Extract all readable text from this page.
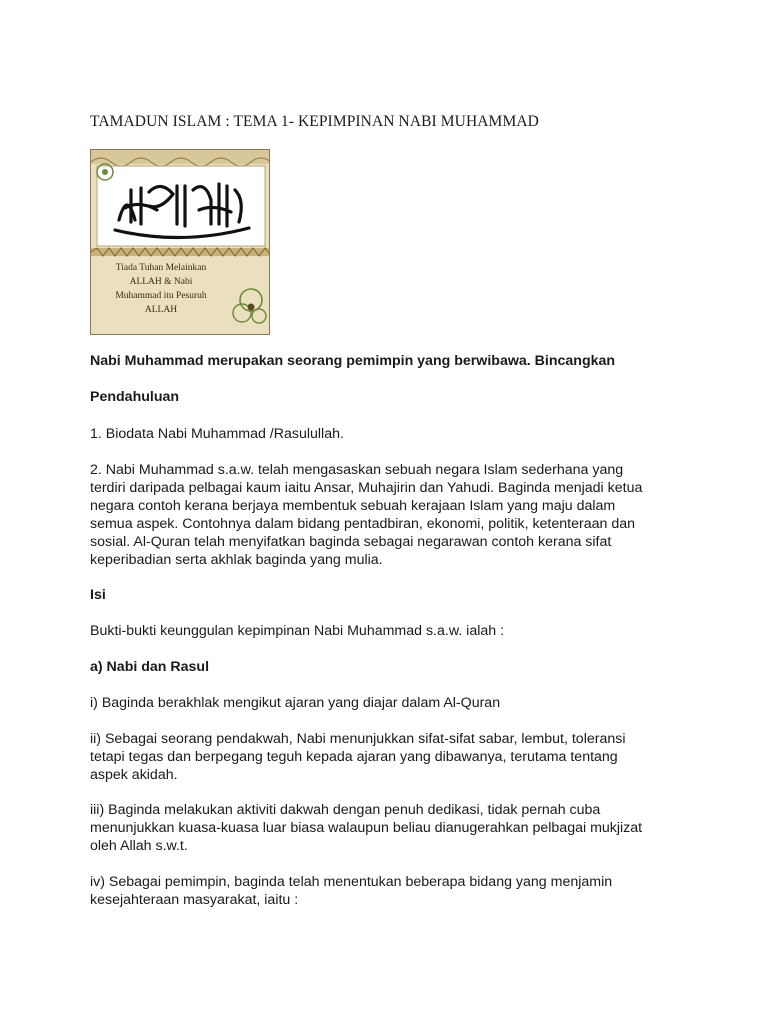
TAMADUN ISLAM : TEMA 1- KEPIMPINAN NABI MUHAMMAD
Tiada Tuhan Melainkan
ALLAH & Nabi
Muhammad itu Pesuruh
ALLAH
Nabi Muhammad merupakan seorang pemimpin yang berwibawa. Bincangkan
Pendahuluan
1. Biodata Nabi Muhammad /Rasulullah.
2. Nabi Muhammad s.a.w. telah mengasaskan sebuah negara Islam sederhana yang
terdiri daripada pelbagai kaum iaitu Ansar, Muhajirin dan Yahudi. Baginda menjadi ketua
negara contoh kerana berjaya membentuk sebuah kerajaan Islam yang maju dalam
semua aspek. Contohnya dalam bidang pentadbiran, ekonomi, politik, ketenteraan dan
sosial. Al-Quran telah menyifatkan baginda sebagai negarawan contoh kerana sifat
keperibadian serta akhlak baginda yang mulia.
Isi
Bukti-bukti keunggulan kepimpinan Nabi Muhammad s.a.w. ialah :
a) Nabi dan Rasul
i) Baginda berakhlak mengikut ajaran yang diajar dalam Al-Quran
ii) Sebagai seorang pendakwah, Nabi menunjukkan sifat-sifat sabar, lembut, toleransi
tetapi tegas dan berpegang teguh kepada ajaran yang dibawanya, terutama tentang
aspek akidah.
iii) Baginda melakukan aktiviti dakwah dengan penuh dedikasi, tidak pernah cuba
menunjukkan kuasa-kuasa luar biasa walaupun beliau dianugerahkan pelbagai mukjizat
oleh Allah s.w.t.
iv) Sebagai pemimpin, baginda telah menentukan beberapa bidang yang menjamin
kesejahteraan masyarakat, iaitu :
